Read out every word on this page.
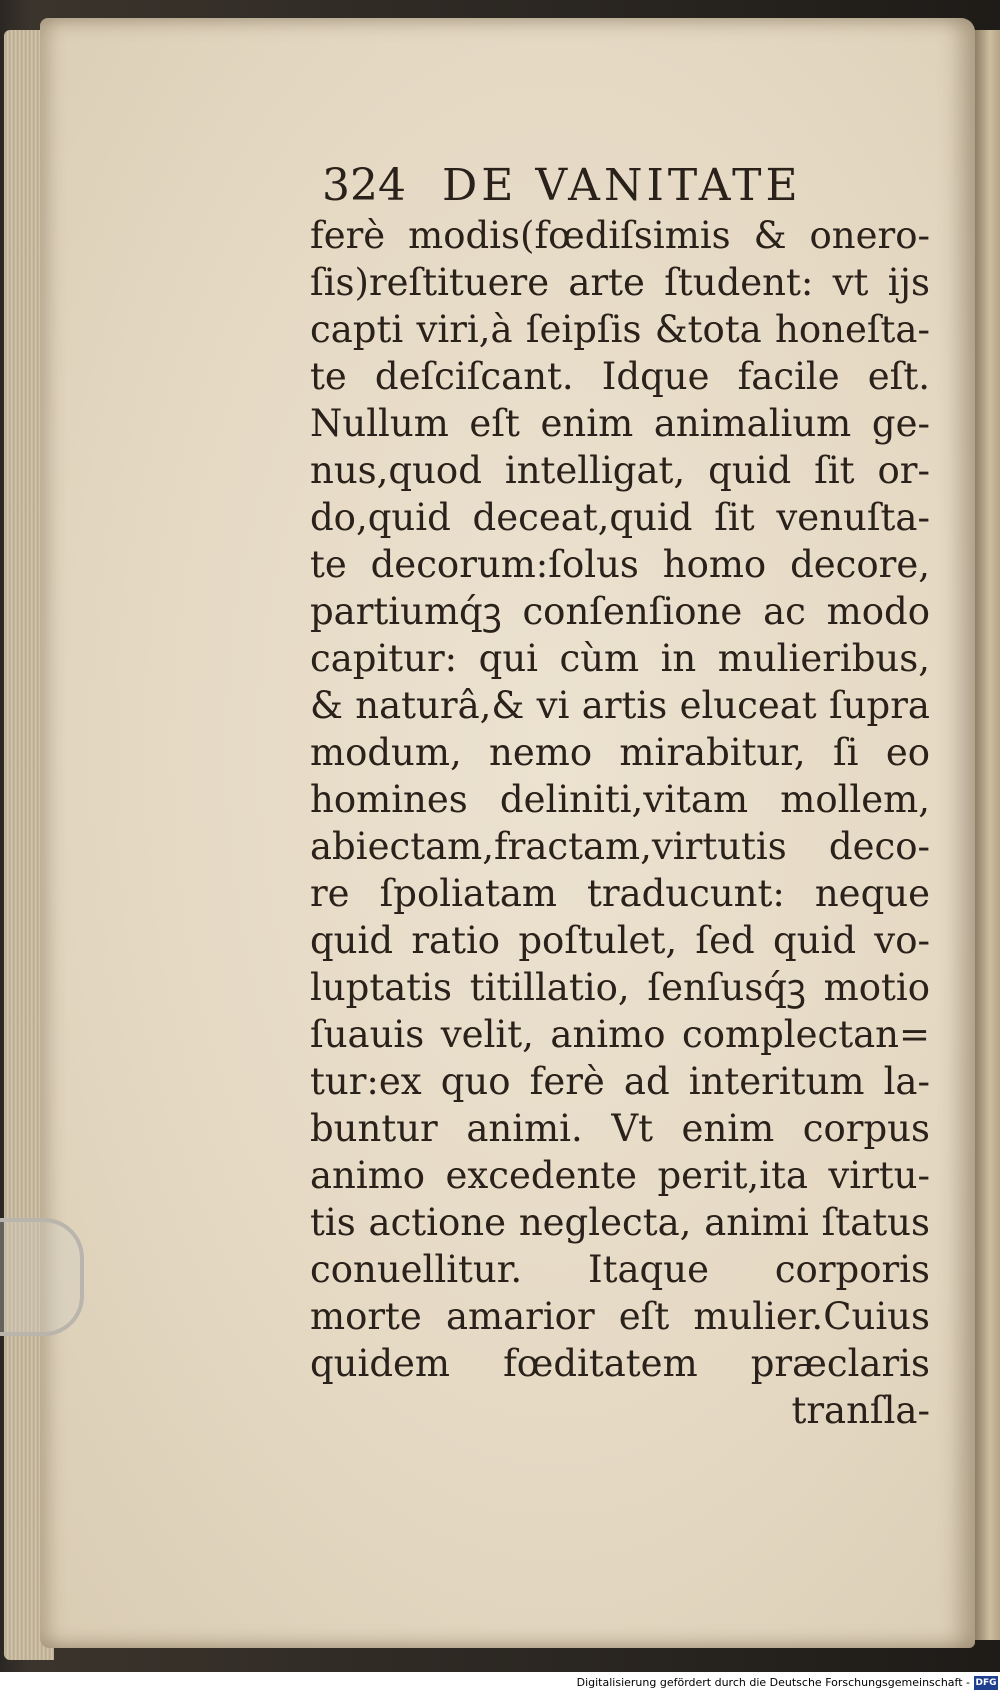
324 DE VANITATE
ferè modis(fœdiſsimis & onero-
ſis)reſtituere arte ſtudent: vt ijs
capti viri,à ſeipſis &tota honeſta-
te deſciſcant. Idque facile eſt.
Nullum eſt enim animalium ge-
nus,quod intelligat, quid ſit or-
do,quid deceat,quid ſit venuſta-
te decorum:ſolus homo decore,
partiumq́ꝫ conſenſione ac modo
capitur: qui cùm in mulieribus,
& naturâ,& vi artis eluceat ſupra
modum, nemo mirabitur, ſi eo
homines deliniti,vitam mollem,
abiectam,fractam,virtutis deco-
re ſpoliatam traducunt: neque
quid ratio poſtulet, ſed quid vo-
luptatis titillatio, ſenſusq́ꝫ motio
ſuauis velit, animo complectan=
tur:ex quo ferè ad interitum la-
buntur animi. Vt enim corpus
animo excedente perit,ita virtu-
tis actione neglecta, animi ſtatus
conuellitur. Itaque corporis
morte amarior eſt mulier.Cuius
quidem fœditatem præclaris
tranſla-
Digitalisierung gefördert durch die Deutsche Forschungsgemeinschaft - DFG
